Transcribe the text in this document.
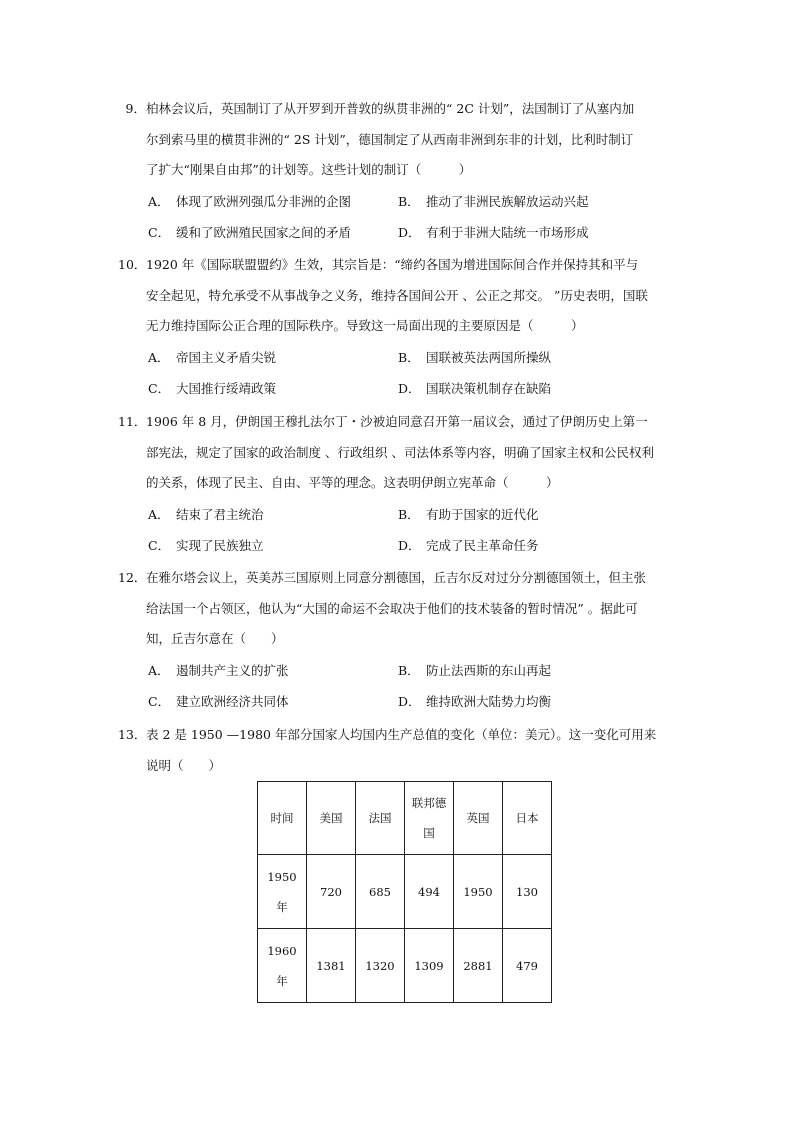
9． 柏林会议后，英国制订了从开罗到开普敦的纵贯非洲的“ 2C 计划”，法国制订了从塞内加
尔到索马里的横贯非洲的“ 2S 计划”，德国制定了从西南非洲到东非的计划，比利时制订
了扩大“刚果自由邦”的计划等。这些计划的制订（　　　）
A． 体现了欧洲列强瓜分非洲的企图	B． 推动了非洲民族解放运动兴起
C． 缓和了欧洲殖民国家之间的矛盾	D． 有利于非洲大陆统一市场形成
10． 1920 年《国际联盟盟约》生效，其宗旨是：“缔约各国为增进国际间合作并保持其和平与
安全起见，特允承受不从事战争之义务，维持各国间公开 、公正之邦交。 ”历史表明，国联
无力维持国际公正合理的国际秩序。导致这一局面出现的主要原因是（　　　）
A． 帝国主义矛盾尖锐	B． 国联被英法两国所操纵
C． 大国推行绥靖政策	D． 国联决策机制存在缺陷
11． 1906 年 8 月，伊朗国王穆扎法尔丁・沙被迫同意召开第一届议会，通过了伊朗历史上第一
部宪法，规定了国家的政治制度 、行政组织 、司法体系等内容，明确了国家主权和公民权利
的关系，体现了民主、自由、平等的理念。这表明伊朗立宪革命（　　　）
A． 结束了君主统治	B． 有助于国家的近代化
C． 实现了民族独立	D． 完成了民主革命任务
12． 在雅尔塔会议上，英美苏三国原则上同意分割德国，丘吉尔反对过分分割德国领土，但主张
给法国一个占领区，他认为“大国的命运不会取决于他们的技术装备的暂时情况” 。据此可
知，丘吉尔意在（　　）
A． 遏制共产主义的扩张	B． 防止法西斯的东山再起
C． 建立欧洲经济共同体	D． 维持欧洲大陆势力均衡
13． 表 2 是 1950 —1980 年部分国家人均国内生产总值的变化（单位：美元）。这一变化可用来
说明（　　）
时间	美国	法国	联邦德国	英国	日本
1950 年	720	685	494	1950	130
1960 年	1381	1320	1309	2881	479
